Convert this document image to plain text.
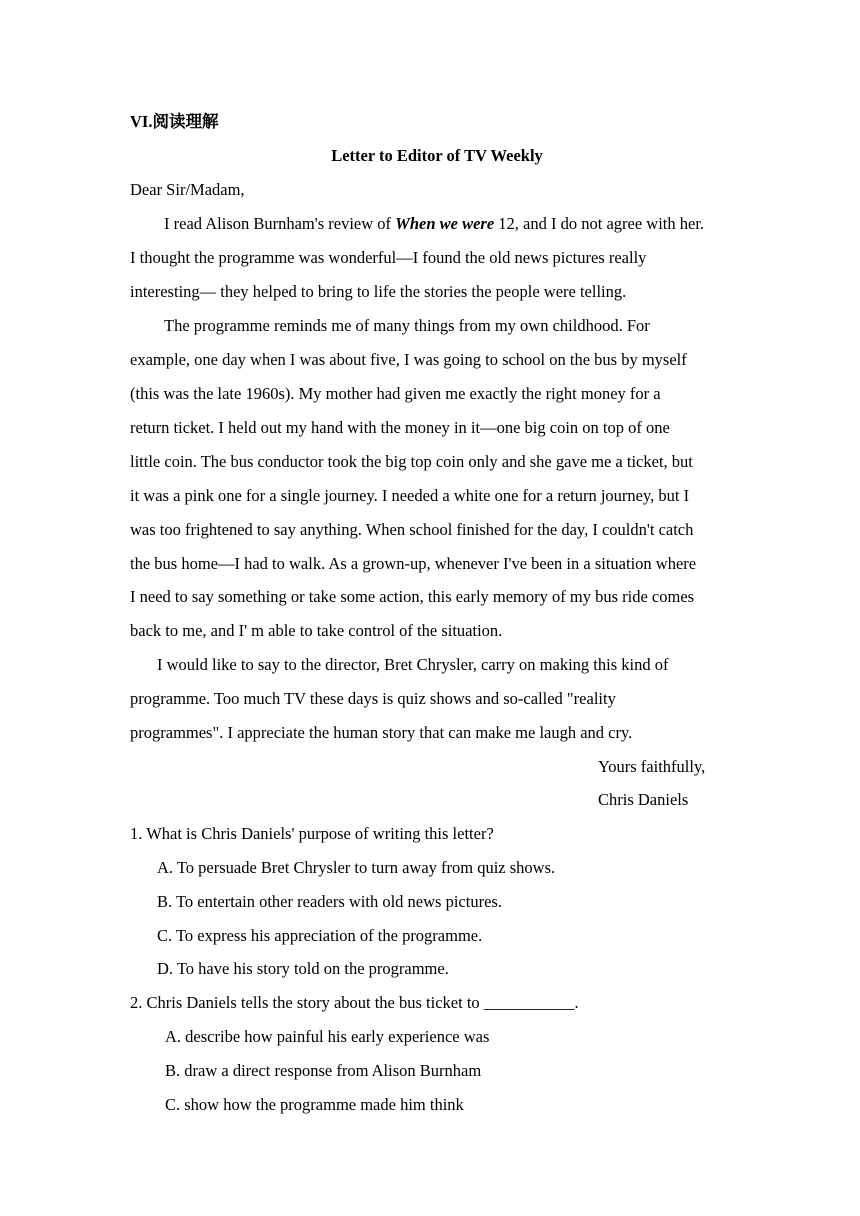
VI.阅读理解
Letter to Editor of TV Weekly
Dear Sir/Madam,
I read Alison Burnham's review of When we were 12, and I do not agree with her.
I thought the programme was wonderful—I found the old news pictures really
interesting— they helped to bring to life the stories the people were telling.
The programme reminds me of many things from my own childhood. For
example, one day when I was about five, I was going to school on the bus by myself
(this was the late 1960s). My mother had given me exactly the right money for a
return ticket. I held out my hand with the money in it—one big coin on top of one
little coin. The bus conductor took the big top coin only and she gave me a ticket, but
it was a pink one for a single journey. I needed a white one for a return journey, but I
was too frightened to say anything. When school finished for the day, I couldn't catch
the bus home—I had to walk. As a grown-up, whenever I've been in a situation where
I need to say something or take some action, this early memory of my bus ride comes
back to me, and I' m able to take control of the situation.
I would like to say to the director, Bret Chrysler, carry on making this kind of
programme. Too much TV these days is quiz shows and so-called "reality
programmes". I appreciate the human story that can make me laugh and cry.
Yours faithfully,
Chris Daniels
1. What is Chris Daniels' purpose of writing this letter?
A. To persuade Bret Chrysler to turn away from quiz shows.
B. To entertain other readers with old news pictures.
C. To express his appreciation of the programme.
D. To have his story told on the programme.
2. Chris Daniels tells the story about the bus ticket to ___________.
A. describe how painful his early experience was
B. draw a direct response from Alison Burnham
C. show how the programme made him think
